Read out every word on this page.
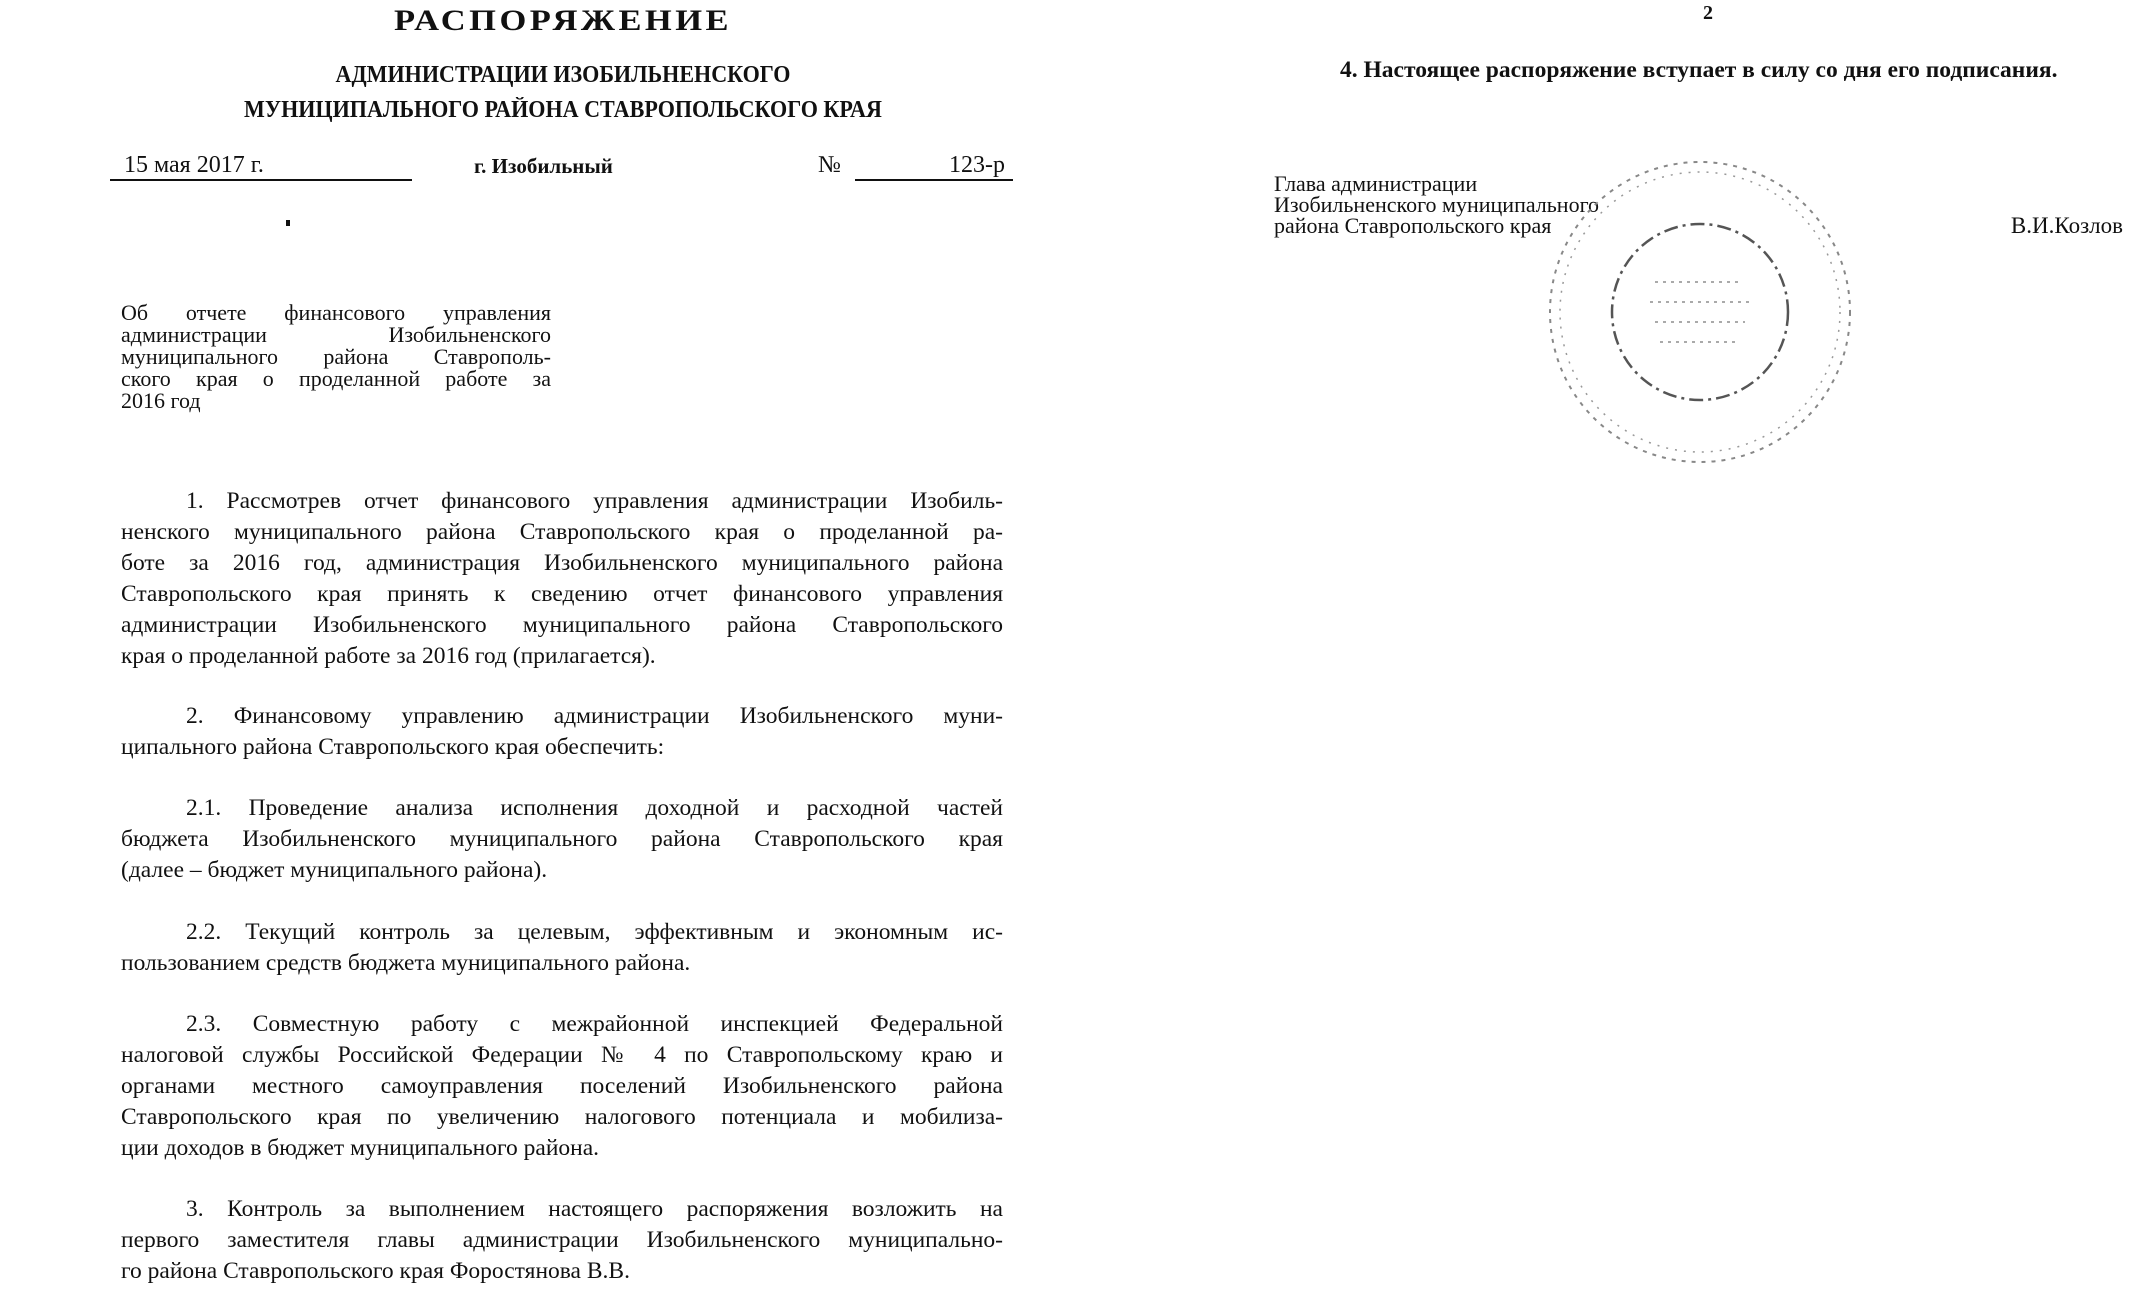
РАСПОРЯЖЕНИЕ
АДМИНИСТРАЦИИ ИЗОБИЛЬНЕНСКОГО
МУНИЦИПАЛЬНОГО РАЙОНА СТАВРОПОЛЬСКОГО КРАЯ
15 мая 2017 г.	г. Изобильный	№	123-р
Об отчете финансового управления
администрации Изобильненского
муниципального района Ставрополь-
ского края о проделанной работе за
2016 год
1. Рассмотрев отчет финансового управления администрации Изобиль-
ненского муниципального района Ставропольского края о проделанной ра-
боте за 2016 год, администрация Изобильненского муниципального района
Ставропольского края принять к сведению отчет финансового управления
администрации Изобильненского муниципального района Ставропольского
края о проделанной работе за 2016 год (прилагается).
2. Финансовому управлению администрации Изобильненского муни-
ципального района Ставропольского края обеспечить:
2.1. Проведение анализа исполнения доходной и расходной частей
бюджета Изобильненского муниципального района Ставропольского края
(далее – бюджет муниципального района).
2.2. Текущий контроль за целевым, эффективным и экономным ис-
пользованием средств бюджета муниципального района.
2.3. Совместную работу с межрайонной инспекцией Федеральной
налоговой службы Российской Федерации № 4 по Ставропольскому краю и
органами местного самоуправления поселений Изобильненского района
Ставропольского края по увеличению налогового потенциала и мобилиза-
ции доходов в бюджет муниципального района.
3. Контроль за выполнением настоящего распоряжения возложить на
первого заместителя главы администрации Изобильненского муниципально-
го района Ставропольского края Форостянова В.В.
2
4. Настоящее распоряжение вступает в силу со дня его подписания.
Глава администрации
Изобильненского муниципального
района Ставропольского края	В.И.Козлов
